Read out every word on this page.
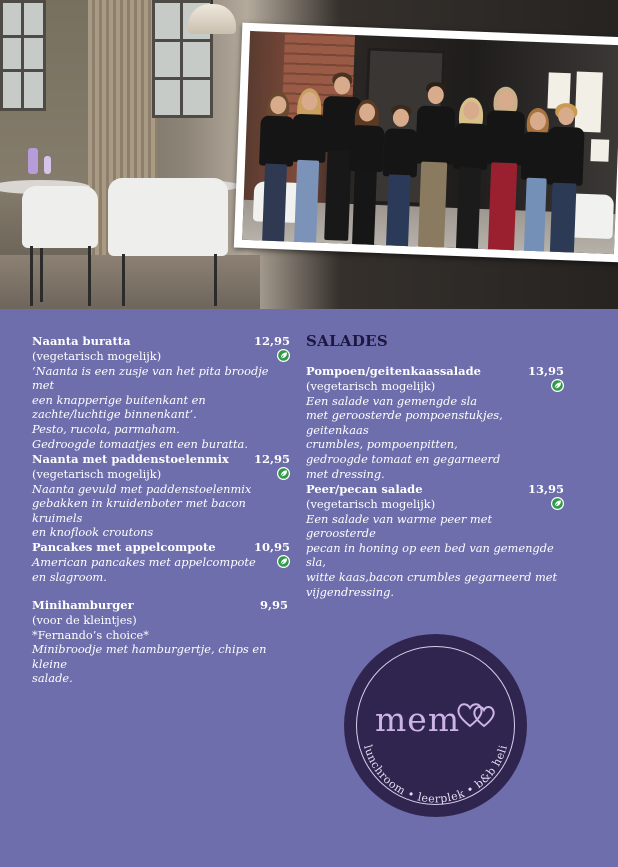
Naanta buratta	12,95
(vegetarisch mogelijk)
‘Naanta is een zusje van het pita broodje met
een knapperige buitenkant en
zachte/luchtige binnenkant’.
Pesto, rucola, parmaham.
Gedroogde tomaatjes en een buratta.
Naanta met paddenstoelenmix 12,95
(vegetarisch mogelijk)
Naanta gevuld met paddenstoelenmix
gebakken in kruidenboter met bacon kruimels
en knoflook croutons
Pancakes met appelcompote	10,95
American pancakes met appelcompote
en slagroom.
Minihamburger	9,95
(voor de kleintjes)
*Fernando’s choice*
Minibroodje met hamburgertje, chips en kleine
salade.
SALADES
Pompoen/geitenkaassalade	13,95
(vegetarisch mogelijk)
Een salade van gemengde sla
met geroosterde pompoenstukjes, geitenkaas
crumbles, pompoenpitten,
gedroogde tomaat en gegarneerd
met dressing.
Peer/pecan salade	13,95
(vegetarisch mogelijk)
Een salade van warme peer met geroosterde
pecan in honing op een bed van gemengde sla,
witte kaas,bacon crumbles gegarneerd met
vijgendressing.
mem
lunchroom • leerplek • b&b heli
